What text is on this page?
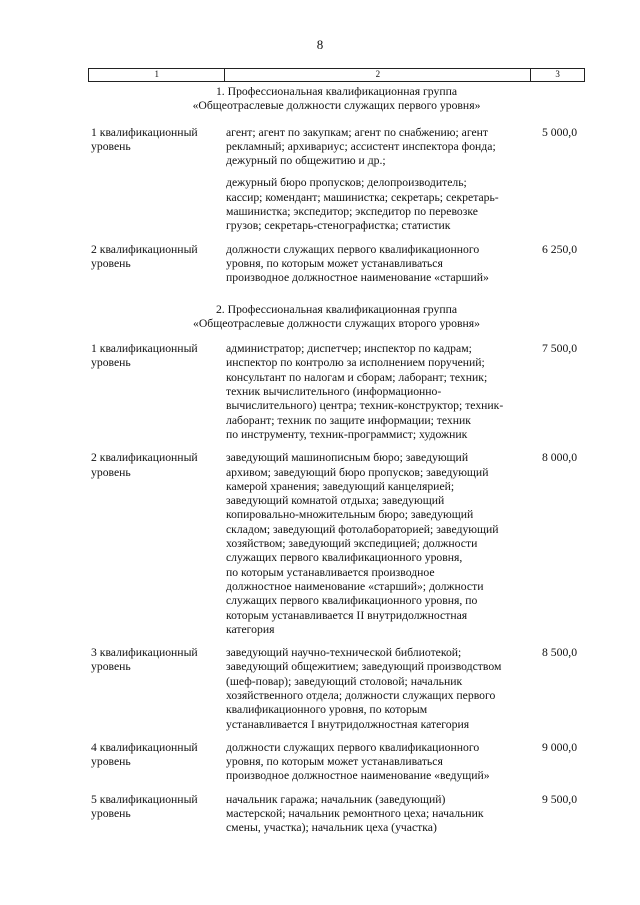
8
1	2	3
1. Профессиональная квалификационная группа
«Общеотраслевые должности служащих первого уровня»
1 квалификационный
уровень
агент; агент по закупкам; агент по снабжению; агент
рекламный; архивариус; ассистент инспектора фонда;
дежурный по общежитию и др.;
дежурный бюро пропусков; делопроизводитель;
кассир; комендант; машинистка; секретарь; секретарь-
машинистка; экспедитор; экспедитор по перевозке
грузов; секретарь-стенографистка; статистик
5 000,0
2 квалификационный
уровень
должности служащих первого квалификационного
уровня, по которым может устанавливаться
производное должностное наименование «старший»
6 250,0
2. Профессиональная квалификационная группа
«Общеотраслевые должности служащих второго уровня»
1 квалификационный
уровень
администратор; диспетчер; инспектор по кадрам;
инспектор по контролю за исполнением поручений;
консультант по налогам и сборам; лаборант; техник;
техник вычислительного (информационно-
вычислительного) центра; техник-конструктор; техник-
лаборант; техник по защите информации; техник
по инструменту, техник-программист; художник
7 500,0
2 квалификационный
уровень
заведующий машинописным бюро; заведующий
архивом; заведующий бюро пропусков; заведующий
камерой хранения; заведующий канцелярией;
заведующий комнатой отдыха; заведующий
копировально-множительным бюро; заведующий
складом; заведующий фотолабораторией; заведующий
хозяйством; заведующий экспедицией; должности
служащих первого квалификационного уровня,
по которым устанавливается производное
должностное наименование «старший»; должности
служащих первого квалификационного уровня, по
которым устанавливается II внутридолжностная
категория
8 000,0
3 квалификационный
уровень
заведующий научно-технической библиотекой;
заведующий общежитием; заведующий производством
(шеф-повар); заведующий столовой; начальник
хозяйственного отдела; должности служащих первого
квалификационного уровня, по которым
устанавливается I внутридолжностная категория
8 500,0
4 квалификационный
уровень
должности служащих первого квалификационного
уровня, по которым может устанавливаться
производное должностное наименование «ведущий»
9 000,0
5 квалификационный
уровень
начальник гаража; начальник (заведующий)
мастерской; начальник ремонтного цеха; начальник
смены, участка); начальник цеха (участка)
9 500,0
